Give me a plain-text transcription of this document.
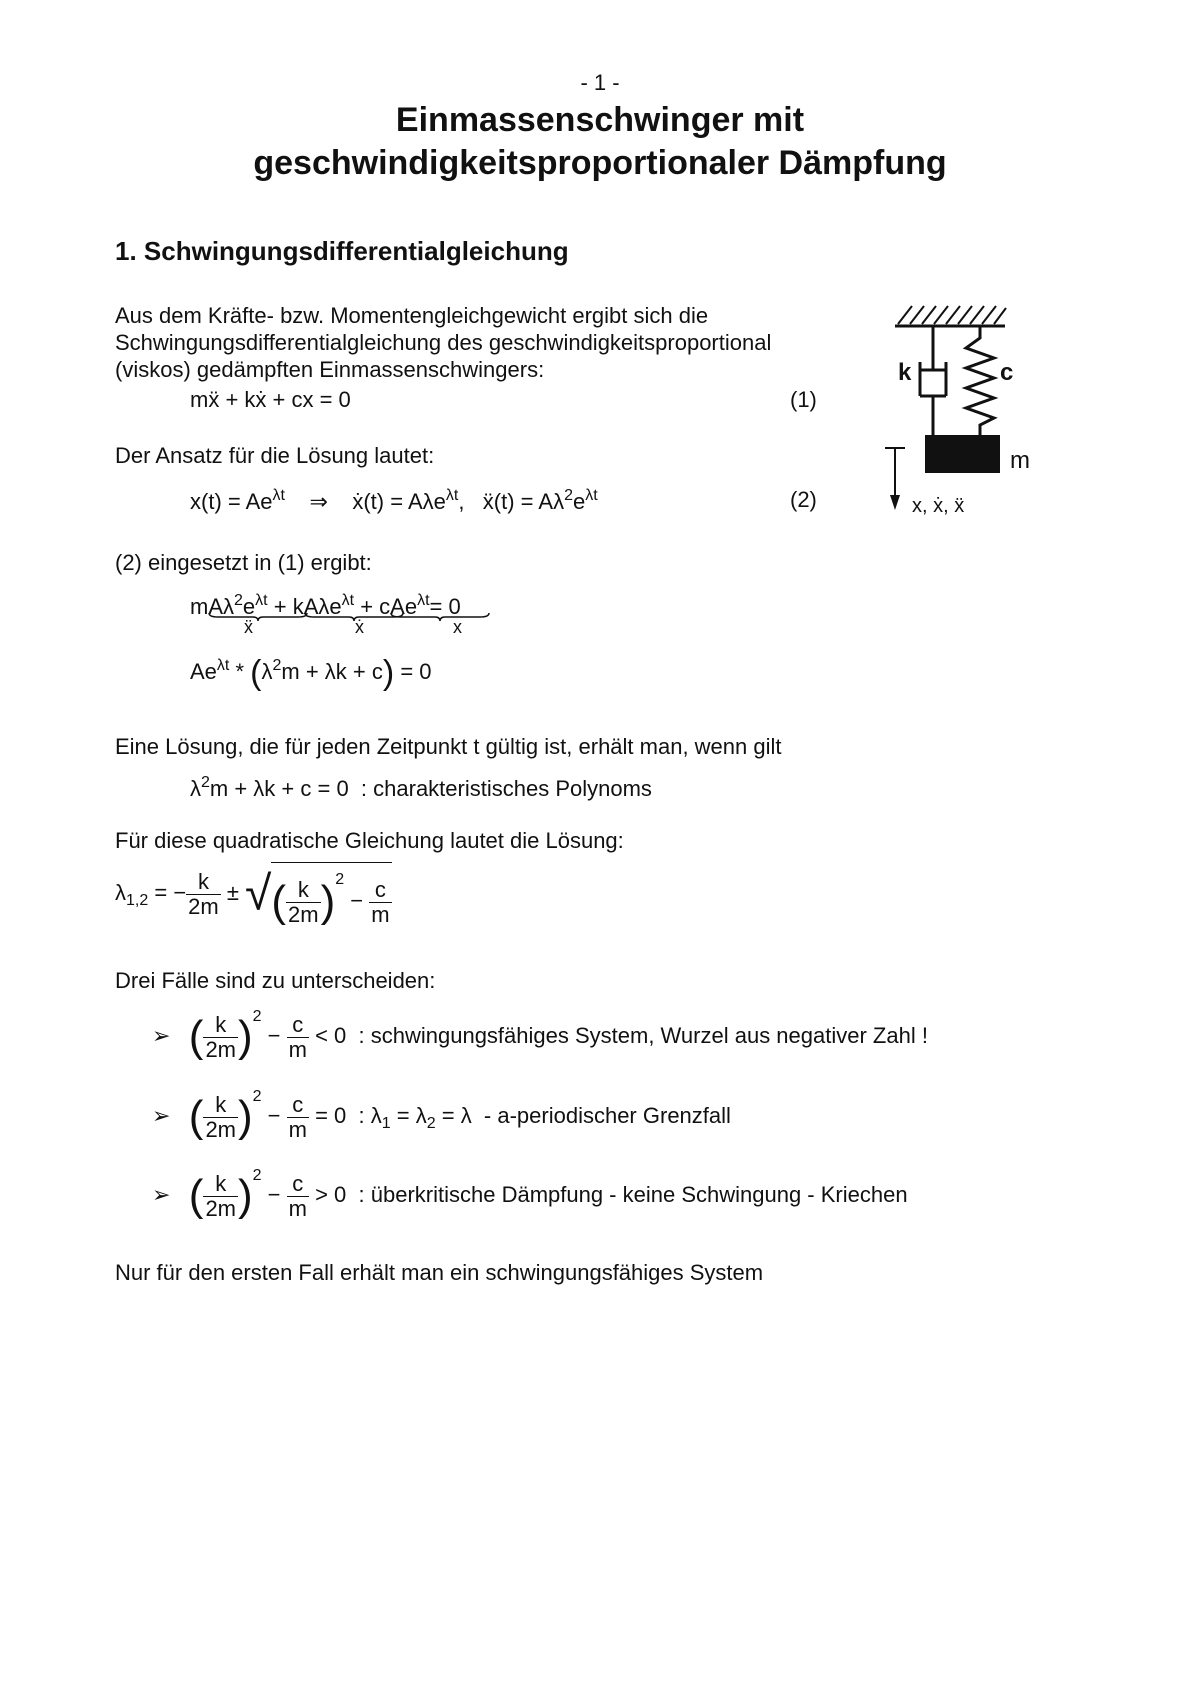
- 1 -
Einmassenschwinger mit
geschwindigkeitsproportionaler Dämpfung
1. Schwingungsdifferentialgleichung
Aus dem Kräfte- bzw. Momentengleichgewicht ergibt sich die
Schwingungsdifferentialgleichung des geschwindigkeitsproportional
(viskos) gedämpften Einmassenschwingers:
mẍ + kẋ + cx = 0	(1)
Der Ansatz für die Lösung lautet:
$x(t) = Ae^{\lambda t}$    ⇒    ẋ(t) = Aλe$^{\lambda t}$,   ẍ(t) = $A\lambda^2e^{\lambda t}$	(2)
(2) eingesetzt in (1) ergibt:
$mA\lambda^2e^{\lambda t}$
+ kAλe$^{\lambda t}$
+ cAe$^{\lambda t}$
= 0
ẍ	ẋ	x
$Ae^{\lambda t} * (\lambda^2m + \lambda k + c) = 0$
Eine Lösung, die für jeden Zeitpunkt t gültig ist, erhält man, wenn gilt
$\lambda^2m + \lambda k + c = 0$  : charakteristisches Polynoms
Für diese quadratische Gleichung lautet die Lösung:
$\lambda_{1,2}$ = − $\frac{k}{2m}$ ± √( $\frac{k}{2m} )^2 - \frac{c}{m}$
Drei Fälle sind zu unterscheiden:
➢ ( $\frac{k}{2m} )^2 - \frac{c}{m} < 0$  : schwingungsfähiges System, Wurzel aus negativer Zahl !
➢ ( $\frac{k}{2m} )^2 - \frac{c}{m} = 0$  : $\lambda_1 = \lambda_2 = \lambda$  - a-periodischer Grenzfall
➢ ( $\frac{k}{2m} )^2 - \frac{c}{m} > 0$  : überkritische Dämpfung - keine Schwingung - Kriechen
Nur für den ersten Fall erhält man ein schwingungsfähiges System
k	c
m
x, ẋ, ẍ
